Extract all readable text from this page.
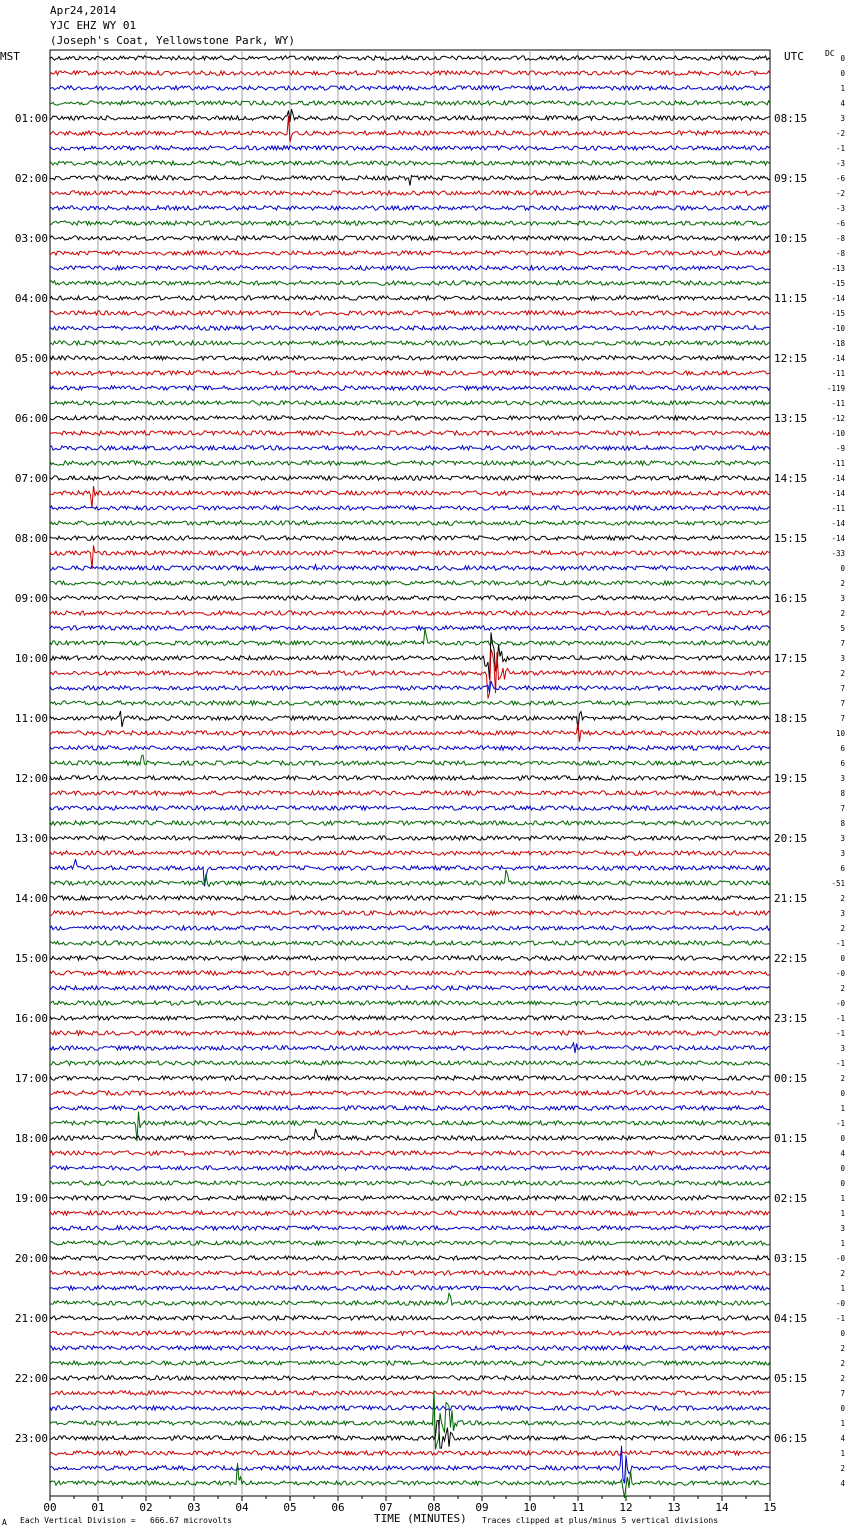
Apr24,2014
YJC EHZ WY 01
(Joseph's Coat, Yellowstone Park, WY)
MST	UTC	DC
00	01	02	03	04	05	06	07	08	09	10	11	12	13	14	15
01:00
02:00
03:00
04:00
05:00
06:00
07:00
08:00
09:00
10:00
11:00
12:00
13:00
14:00
15:00
16:00
17:00
18:00
19:00
20:00
21:00
22:00
23:00
08:15
09:15
10:15
11:15
12:15
13:15
14:15
15:15
16:15
17:15
18:15
19:15
20:15
21:15
22:15
23:15
00:15
01:15
02:15
03:15
04:15
05:15
06:15
0
0
1
4
3
-2
-1
-3
-6
-2
-3
-6
-8
-8
-13
-15
-14
-15
-10
-18
-14
-11
-119
-11
-12
-10
-9
-11
-14
-14
-11
-14
-14
-33
0
2
3
2
5
7
3
2
7
7
7
10
6
6
3
8
7
8
3
3
6
-51
2
3
2
-1
0
-0
2
-0
-1
-1
3
-1
2
0
1
-1
0
4
0
0
1
1
3
1
-0
2
1
-0
-1
0
2
2
2
7
0
1
4
1
2
4
A Each Vertical Division =   666.67 microvolts	TIME (MINUTES) Traces clipped at plus/minus 5 vertical divisions
